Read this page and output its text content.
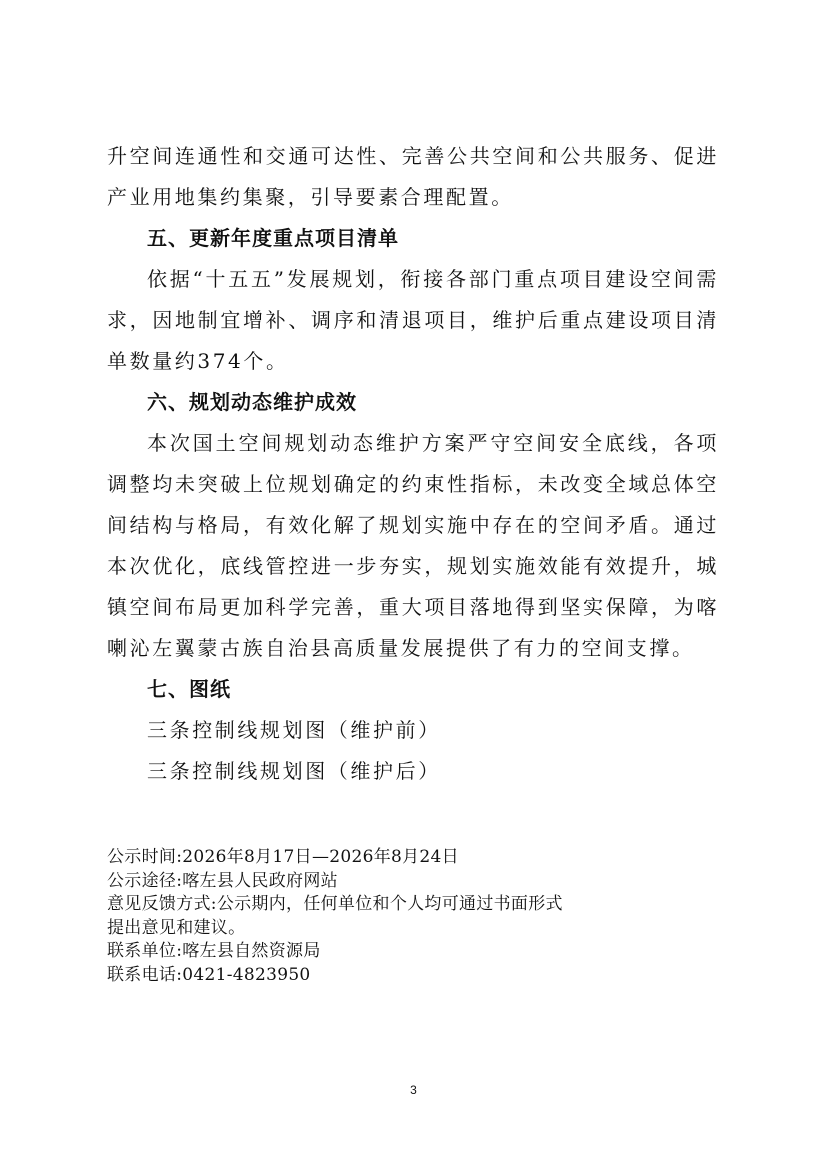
升空间连通性和交通可达性、完善公共空间和公共服务、促进产业用地集约集聚，引导要素合理配置。

五、更新年度重点项目清单

依据“十五五”发展规划，衔接各部门重点项目建设空间需求，因地制宜增补、调序和清退项目，维护后重点建设项目清单数量约374个。

六、规划动态维护成效

本次国土空间规划动态维护方案严守空间安全底线，各项调整均未突破上位规划确定的约束性指标，未改变全域总体空间结构与格局，有效化解了规划实施中存在的空间矛盾。通过本次优化，底线管控进一步夯实，规划实施效能有效提升，城镇空间布局更加科学完善，重大项目落地得到坚实保障，为喀喇沁左翼蒙古族自治县高质量发展提供了有力的空间支撑。

七、图纸

三条控制线规划图（维护前）

三条控制线规划图（维护后）

公示时间:2026年8月17日—2026年8月24日

公示途径:喀左县人民政府网站

意见反馈方式:公示期内，任何单位和个人均可通过书面形式

提出意见和建议。

联系单位:喀左县自然资源局

联系电话:0421-4823950

3
